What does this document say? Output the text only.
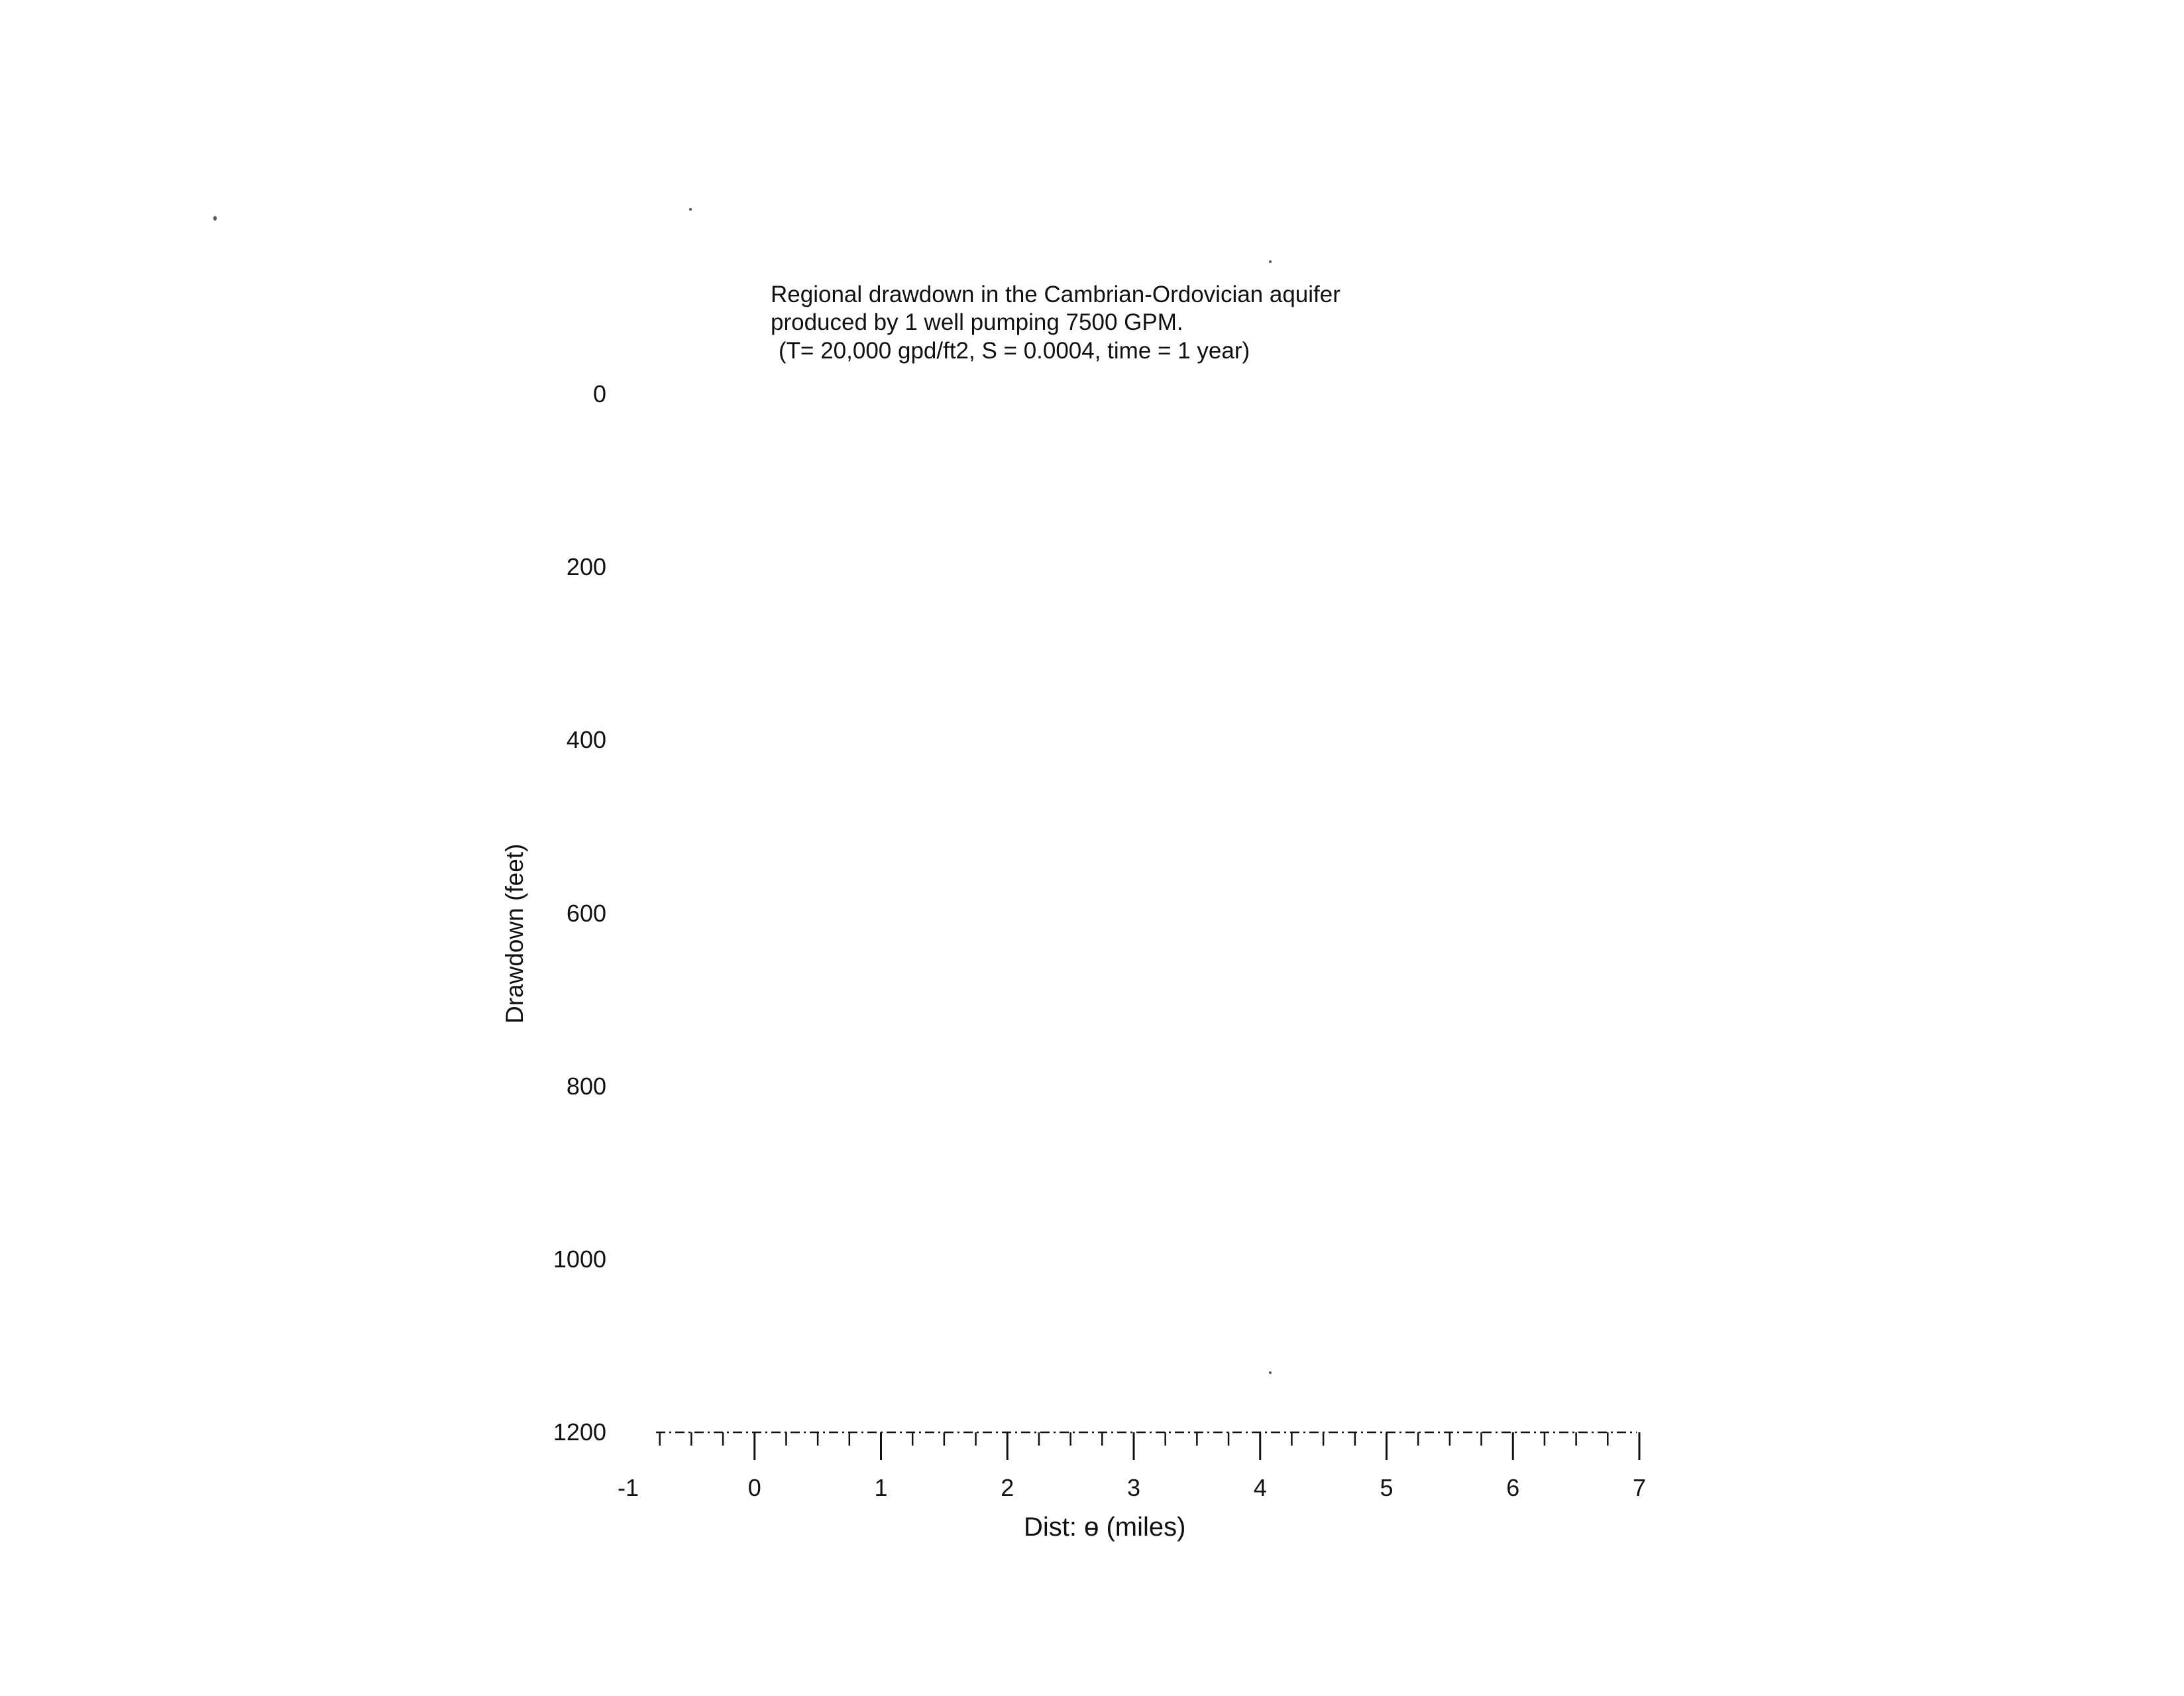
Regional drawdown in the Cambrian-Ordovician aquifer
produced by 1 well pumping 7500 GPM.
(T= 20,000 gpd/ft2, S = 0.0004, time = 1 year)
Drawdown (feet)
Dist: ɵ (miles)
0
200
400
600
800
1000
1200
-1	0	1	2	3	4	5	6	7
